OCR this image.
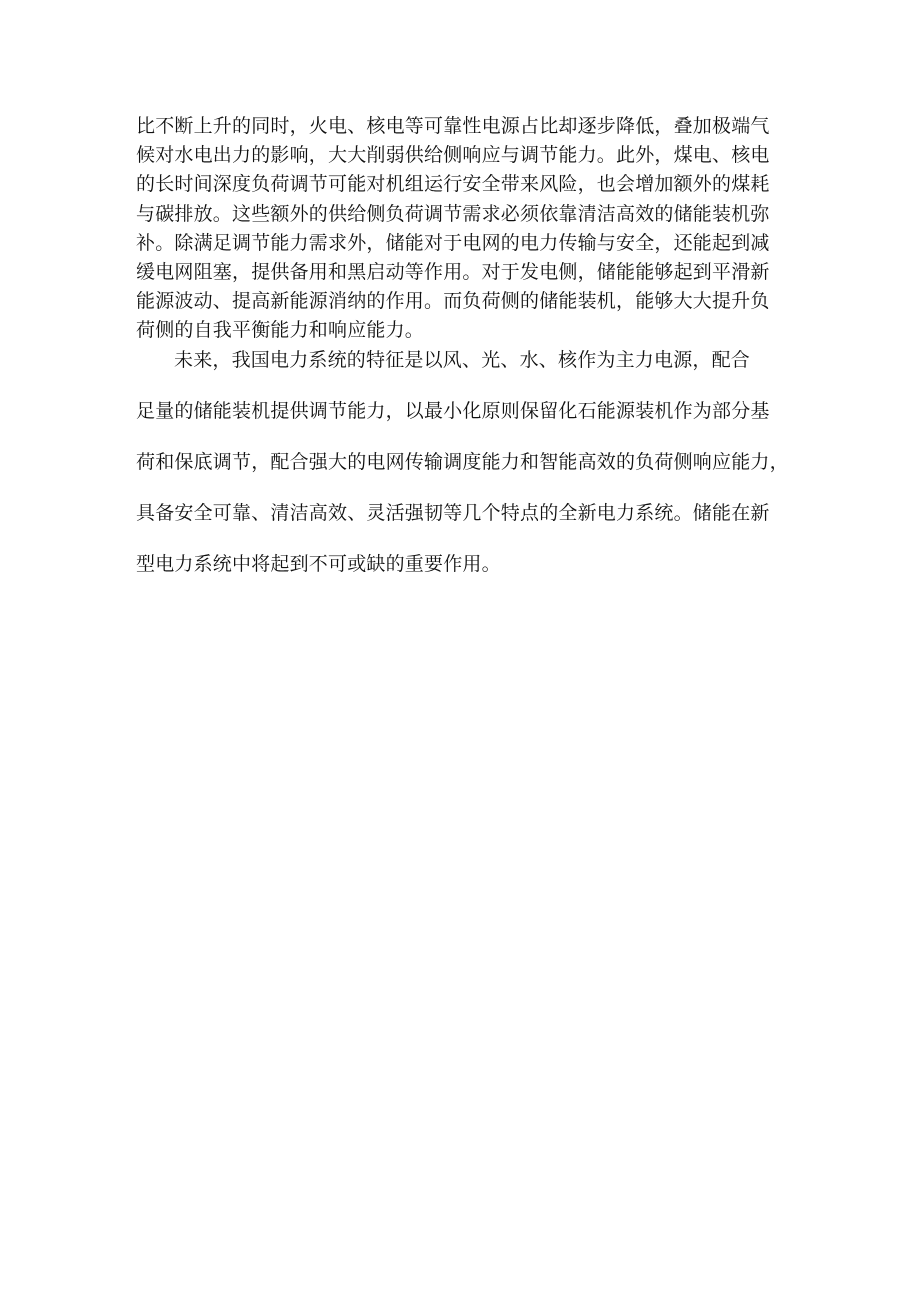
比不断上升的同时，火电、核电等可靠性电源占比却逐步降低，叠加极端气
候对水电出力的影响，大大削弱供给侧响应与调节能力。此外，煤电、核电
的长时间深度负荷调节可能对机组运行安全带来风险，也会增加额外的煤耗
与碳排放。这些额外的供给侧负荷调节需求必须依靠清洁高效的储能装机弥
补。除满足调节能力需求外，储能对于电网的电力传输与安全，还能起到减
缓电网阻塞，提供备用和黑启动等作用。对于发电侧，储能能够起到平滑新
能源波动、提高新能源消纳的作用。而负荷侧的储能装机，能够大大提升负
荷侧的自我平衡能力和响应能力。

未来，我国电力系统的特征是以风、光、水、核作为主力电源，配合
足量的储能装机提供调节能力，以最小化原则保留化石能源装机作为部分基
荷和保底调节，配合强大的电网传输调度能力和智能高效的负荷侧响应能力，
具备安全可靠、清洁高效、灵活强韧等几个特点的全新电力系统。储能在新
型电力系统中将起到不可或缺的重要作用。
